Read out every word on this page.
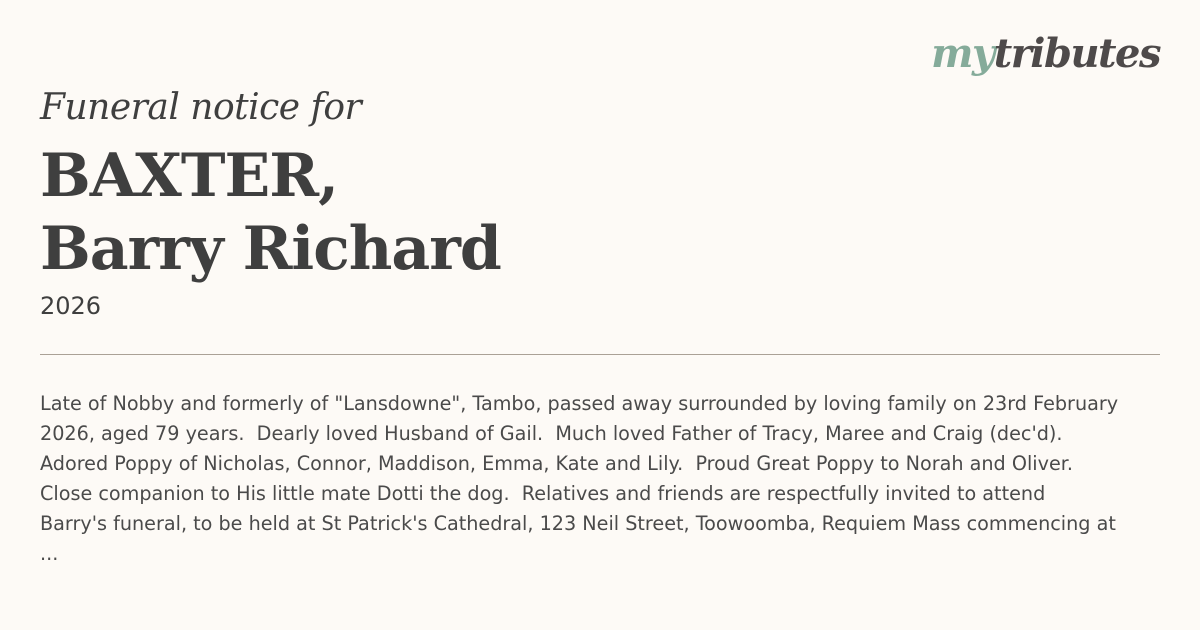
mytributes
Funeral notice for
BAXTER,
Barry Richard
2026
Late of Nobby and formerly of "Lansdowne", Tambo, passed away surrounded by loving family on 23rd February
2026, aged 79 years.  Dearly loved Husband of Gail.  Much loved Father of Tracy, Maree and Craig (dec'd).
Adored Poppy of Nicholas, Connor, Maddison, Emma, Kate and Lily.  Proud Great Poppy to Norah and Oliver.
Close companion to His little mate Dotti the dog.  Relatives and friends are respectfully invited to attend
Barry's funeral, to be held at St Patrick's Cathedral, 123 Neil Street, Toowoomba, Requiem Mass commencing at
...
